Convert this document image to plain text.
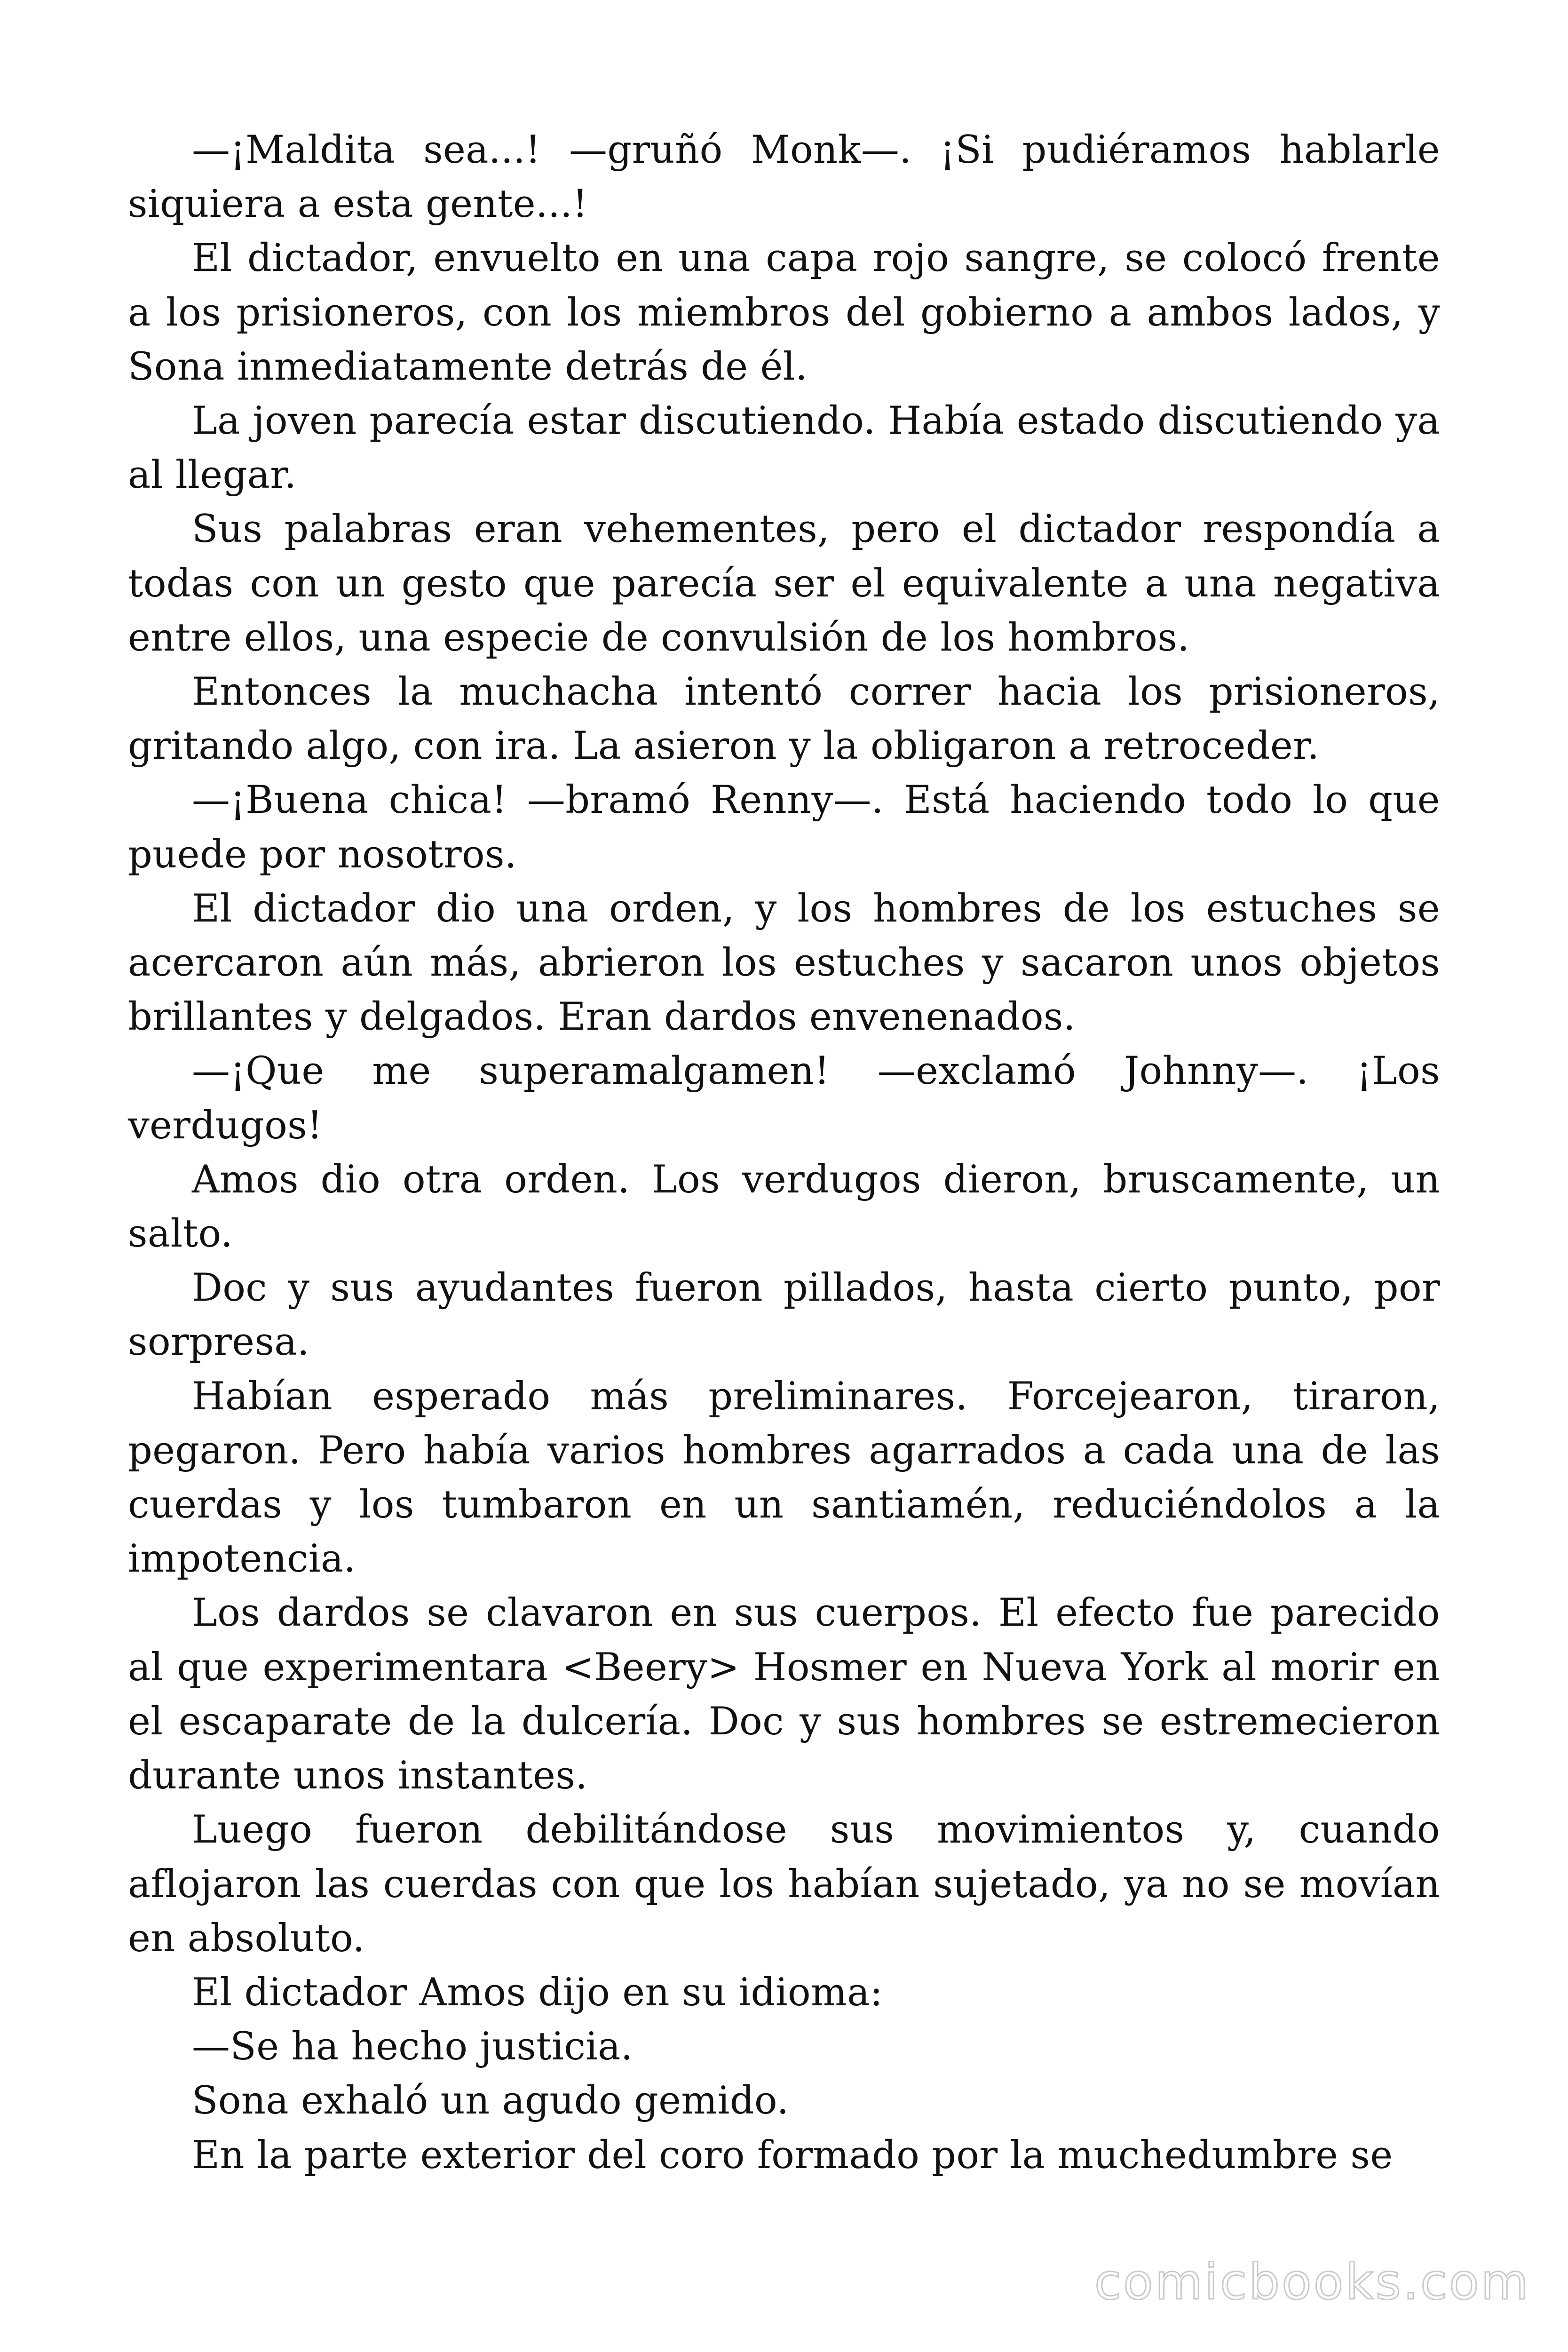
—¡Maldita sea...! —gruñó Monk—. ¡Si pudiéramos hablarle siquiera a esta gente...!

El dictador, envuelto en una capa rojo sangre, se colocó frente a los prisioneros, con los miembros del gobierno a ambos lados, y Sona inmediatamente detrás de él.

La joven parecía estar discutiendo. Había estado discutiendo ya al llegar.

Sus palabras eran vehementes, pero el dictador respondía a todas con un gesto que parecía ser el equivalente a una negativa entre ellos, una especie de convulsión de los hombros.

Entonces la muchacha intentó correr hacia los prisioneros, gritando algo, con ira. La asieron y la obligaron a retroceder.

—¡Buena chica! —bramó Renny—. Está haciendo todo lo que puede por nosotros.

El dictador dio una orden, y los hombres de los estuches se acercaron aún más, abrieron los estuches y sacaron unos objetos brillantes y delgados. Eran dardos envenenados.

—¡Que me superamalgamen! —exclamó Johnny—. ¡Los verdugos!

Amos dio otra orden. Los verdugos dieron, bruscamente, un salto.

Doc y sus ayudantes fueron pillados, hasta cierto punto, por sorpresa.

Habían esperado más preliminares. Forcejearon, tiraron, pegaron. Pero había varios hombres agarrados a cada una de las cuerdas y los tumbaron en un santiamén, reduciéndolos a la impotencia.

Los dardos se clavaron en sus cuerpos. El efecto fue parecido al que experimentara <Beery> Hosmer en Nueva York al morir en el escaparate de la dulcería. Doc y sus hombres se estremecieron durante unos instantes.

Luego fueron debilitándose sus movimientos y, cuando aflojaron las cuerdas con que los habían sujetado, ya no se movían en absoluto.

El dictador Amos dijo en su idioma:

—Se ha hecho justicia.

Sona exhaló un agudo gemido.

En la parte exterior del coro formado por la muchedumbre se

comicbooks.com
